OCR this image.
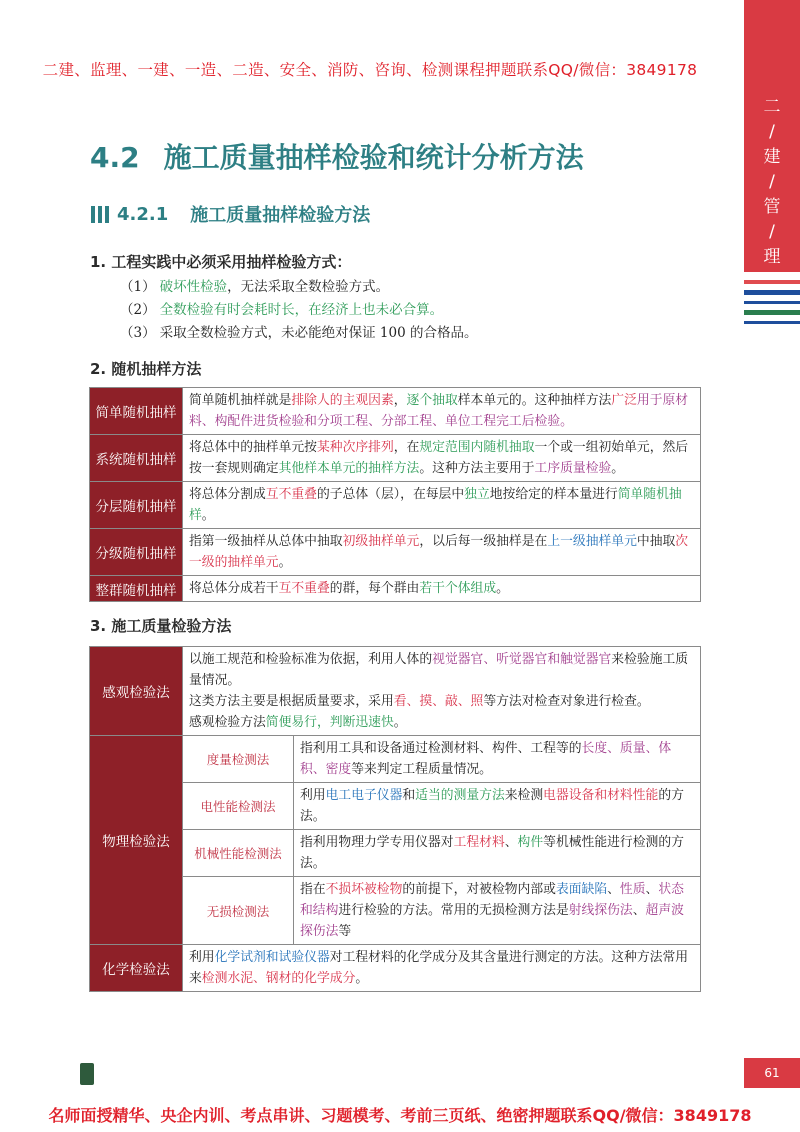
二建、监理、一建、一造、二造、安全、消防、咨询、检测课程押题联系QQ/微信：3849178
名师面授精华、央企内训、考点串讲、习题模考、考前三页纸、绝密押题联系QQ/微信：3849178
二
/
建
/
管
/
理
61
4.2 施工质量抽样检验和统计分析方法
4.2.1 施工质量抽样检验方法
1. 工程实践中必须采用抽样检验方式：
（1） 破坏性检验，无法采取全数检验方式。
（2） 全数检验有时会耗时长，在经济上也未必合算。
（3） 采取全数检验方式，未必能绝对保证 100 的合格品。
2. 随机抽样方法
简单随机抽样	简单随机抽样就是排除人的主观因素，逐个抽取样本单元的。这种抽样方法广泛用于原材料、构配件进货检验和分项工程、分部工程、单位工程完工后检验。
系统随机抽样	将总体中的抽样单元按某种次序排列，在规定范围内随机抽取一个或一组初始单元，然后按一套规则确定其他样本单元的抽样方法。这种方法主要用于工序质量检验。
分层随机抽样	将总体分割成互不重叠的子总体（层），在每层中独立地按给定的样本量进行简单随机抽样。
分级随机抽样	指第一级抽样从总体中抽取初级抽样单元，以后每一级抽样是在上一级抽样单元中抽取次一级的抽样单元。
整群随机抽样	将总体分成若干互不重叠的群，每个群由若干个体组成。
3. 施工质量检验方法
感观检验法	以施工规范和检验标准为依据，利用人体的视觉器官、听觉器官和触觉器官来检验施工质量情况。
这类方法主要是根据质量要求，采用看、摸、敲、照等方法对检查对象进行检查。
感观检验方法简便易行，判断迅速快。	
物理检验法	度量检测法	指利用工具和设备通过检测材料、构件、工程等的长度、质量、体积、密度等来判定工程质量情况。
	电性能检测法	利用电工电子仪器和适当的测量方法来检测电器设备和材料性能的方法。
	机械性能检测法	指利用物理力学专用仪器对工程材料、构件等机械性能进行检测的方法。
	无损检测法	指在不损坏被检物的前提下，对被检物内部或表面缺陷、性质、状态和结构进行检验的方法。常用的无损检测方法是射线探伤法、超声波探伤法等
化学检验法	利用化学试剂和试验仪器对工程材料的化学成分及其含量进行测定的方法。这种方法常用来检测水泥、钢材的化学成分。	
